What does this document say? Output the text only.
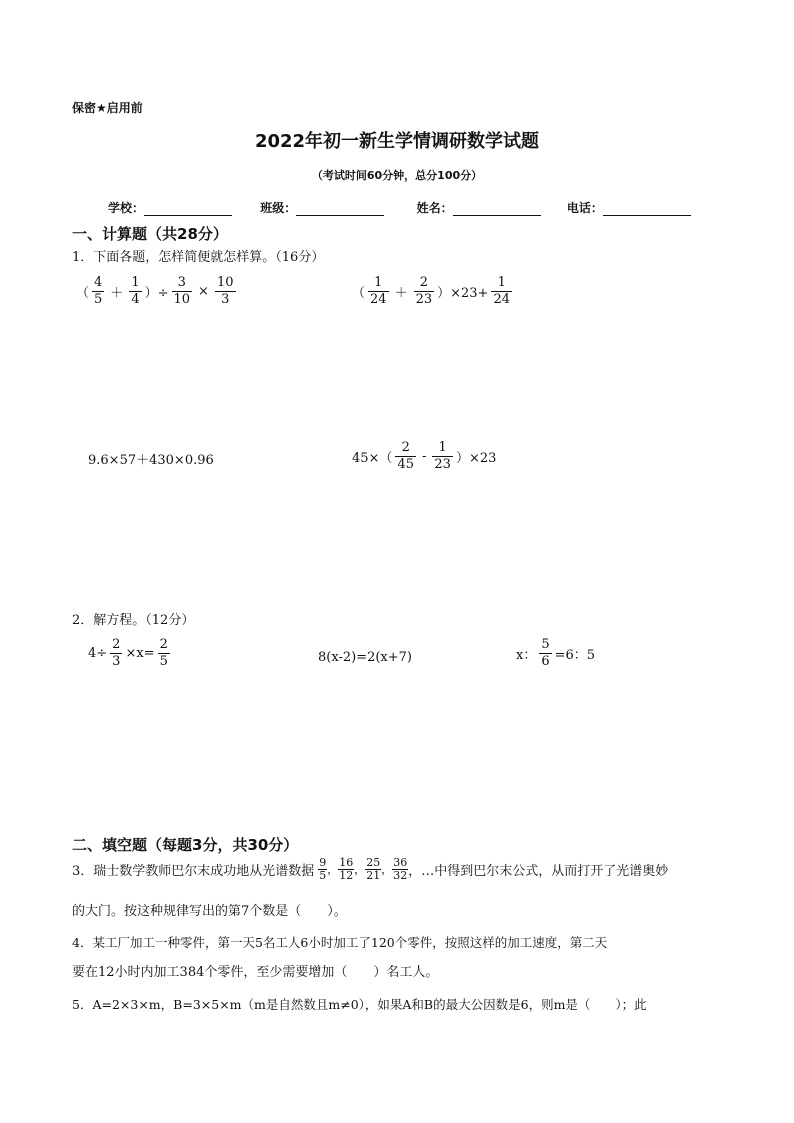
保密★启用前
2022年初一新生学情调研数学试题
（考试时间60分钟，总分100分）
学校：	班级：	姓名：	电话：
一、计算题（共28分）
1．下面各题，怎样简便就怎样算。（16分）
（ $\frac{4}{5} + \frac{1}{4}$ ）÷ $\frac{3}{10} \times \frac{10}{3}$	（ $\frac{1}{24} + \frac{2}{23} )\times 23+ \frac{1}{24}$
9.6×57＋430×0.96	$45\times( \frac{2}{45} - \frac{1}{23} )\times 23$
2．解方程。（12分）
$4\div \frac{2}{3} \times x= \frac{2}{5}$	8(x-2)=2(x+7)	x： $\frac{5}{6} =6$：5
二、填空题（每题3分，共30分）
3．瑞士数学教师巴尔末成功地从光谱数据 $\frac{9}{5}$ ， $\frac{16}{12}$ ， $\frac{25}{21}$ ， $\frac{36}{32}$ ，…中得到巴尔末公式，从而打开了光谱奥妙
的大门。按这种规律写出的第7个数是（　　）。
4．某工厂加工一种零件，第一天5名工人6小时加工了120个零件，按照这样的加工速度，第二天
要在12小时内加工384个零件，至少需要增加（　　）名工人。
5．A=2×3×m，B=3×5×m（m是自然数且m≠0），如果A和B的最大公因数是6，则m是（　　）；此
